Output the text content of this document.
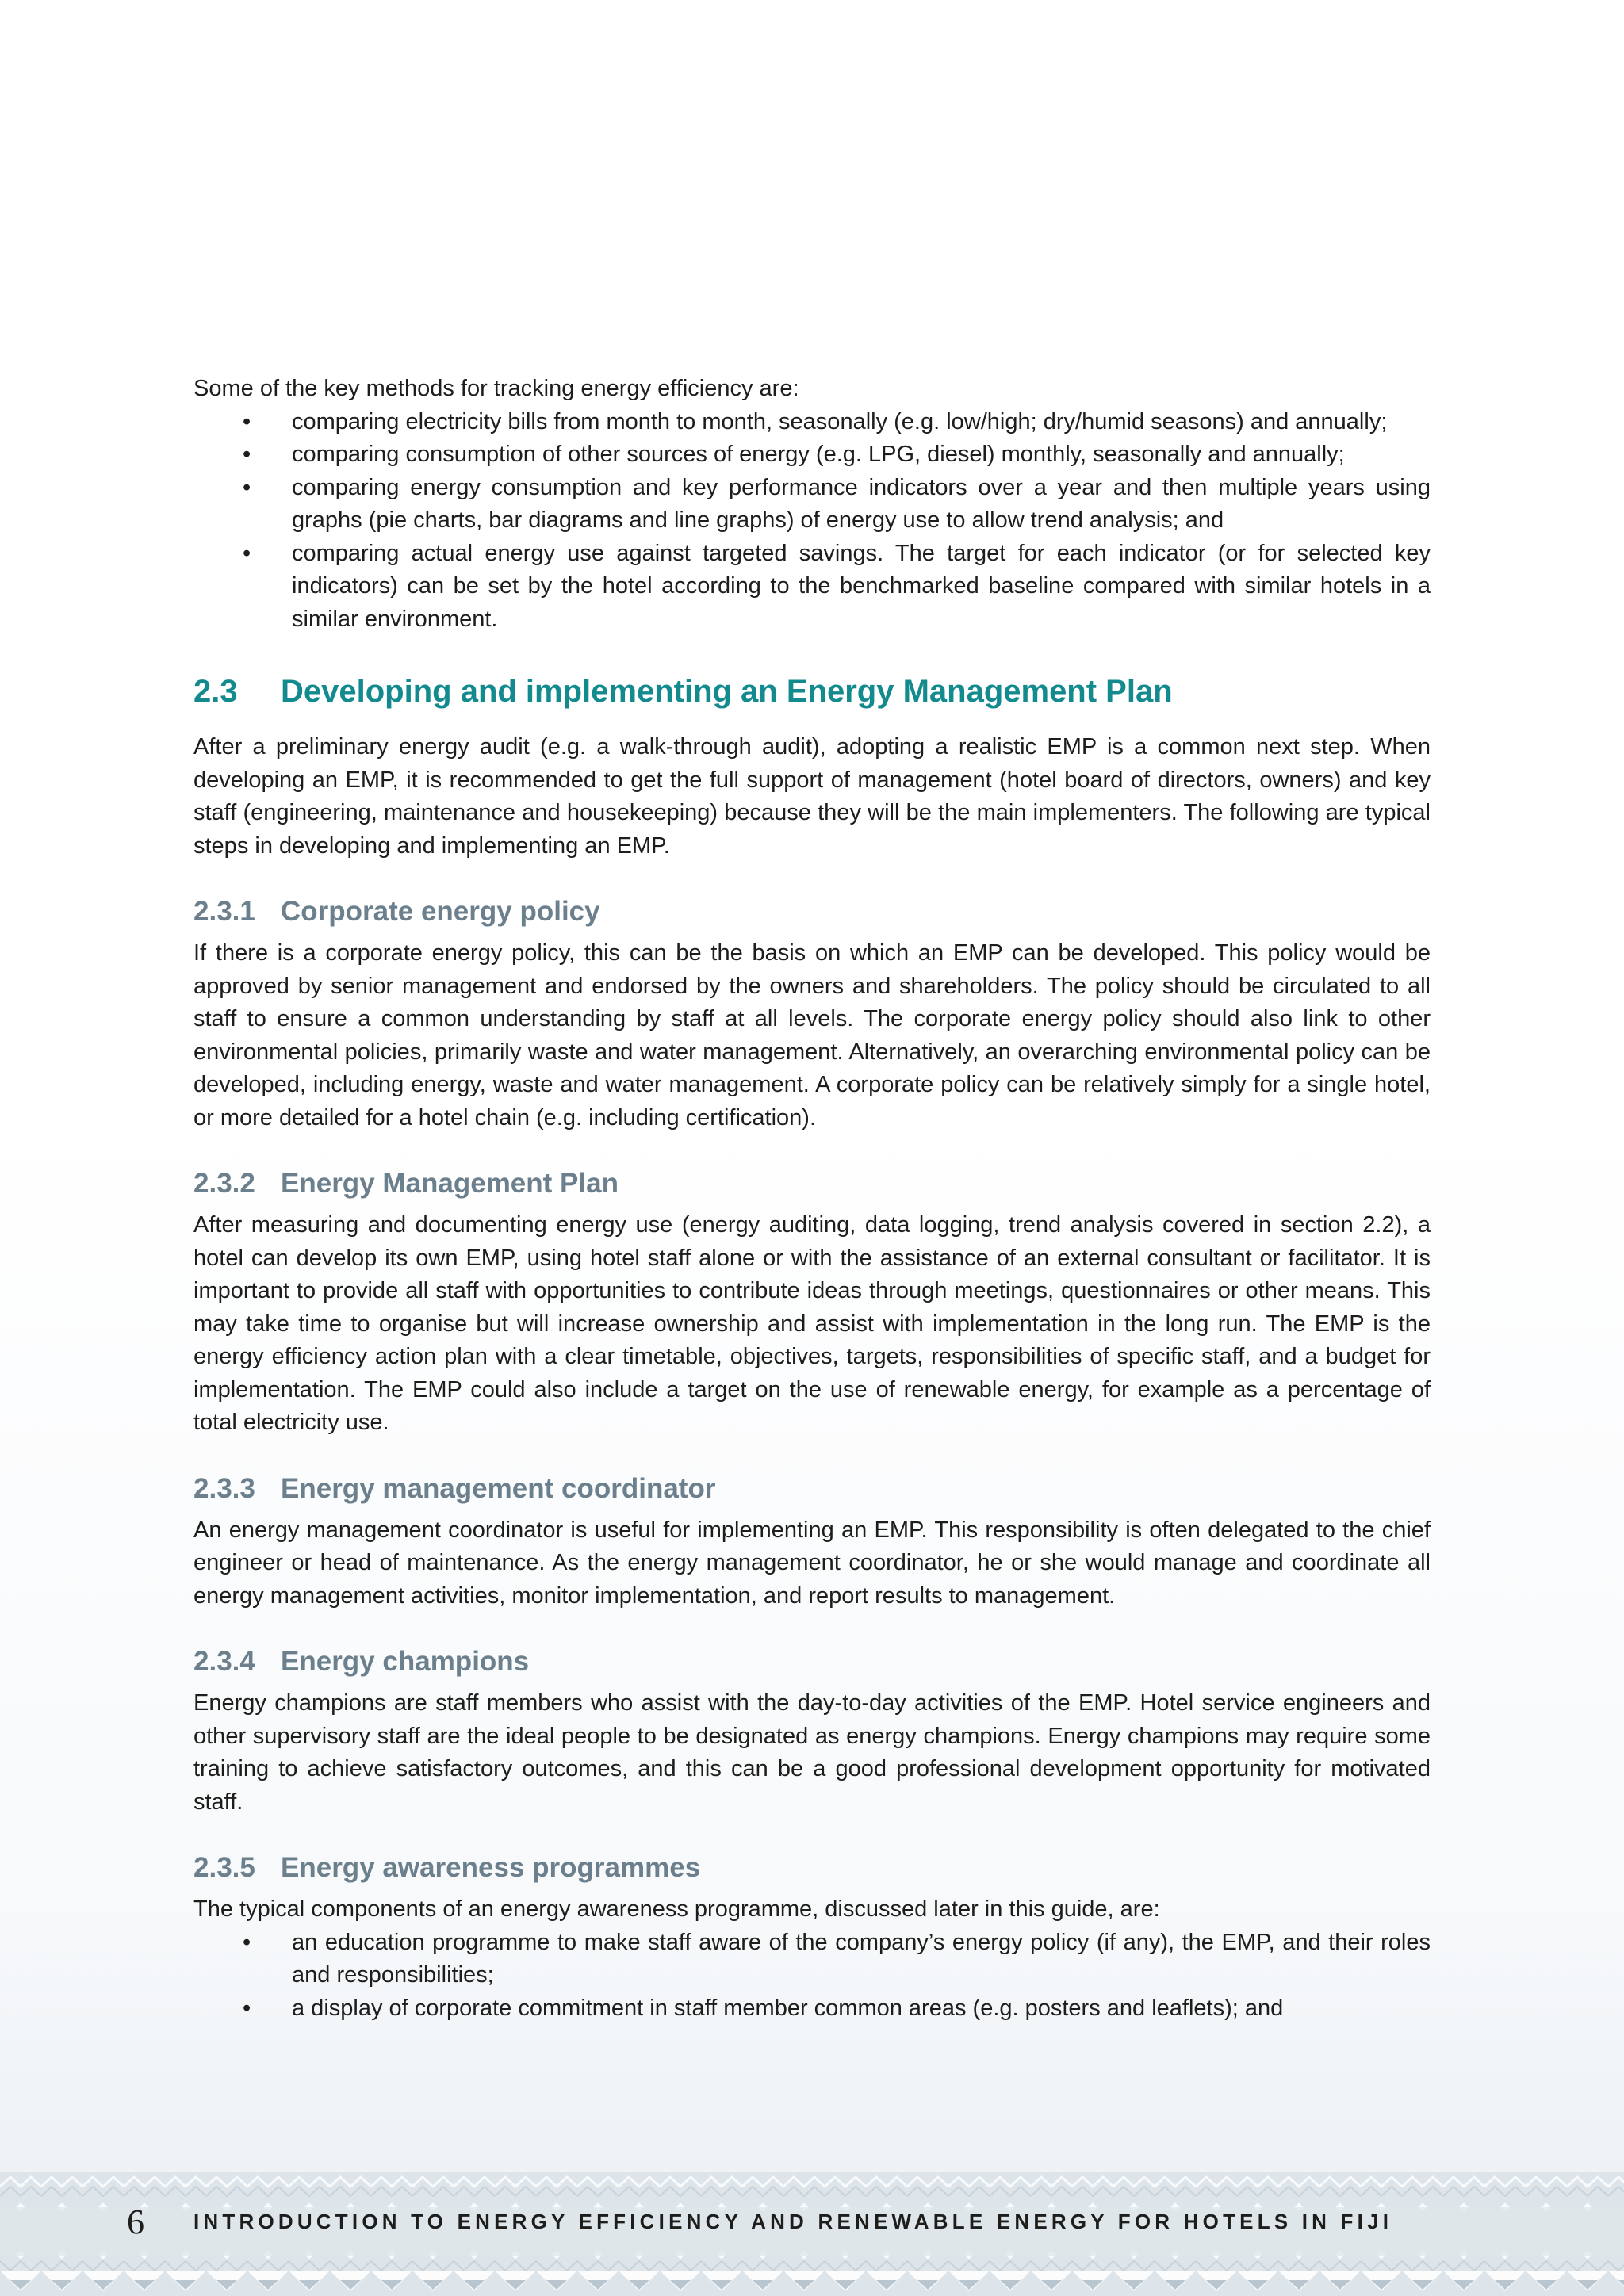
Some of the key methods for tracking energy efficiency are:

•	comparing electricity bills from month to month, seasonally (e.g. low/high; dry/humid seasons) and annually;
•	comparing consumption of other sources of energy (e.g. LPG, diesel) monthly, seasonally and annually;
•	comparing energy consumption and key performance indicators over a year and then multiple years using graphs (pie charts, bar diagrams and line graphs) of energy use to allow trend analysis; and
•	comparing actual energy use against targeted savings. The target for each indicator (or for selected key indicators) can be set by the hotel according to the benchmarked baseline compared with similar hotels in a similar environment.
2.3 Developing and implementing an Energy Management Plan

After a preliminary energy audit (e.g. a walk-through audit), adopting a realistic EMP is a common next step. When developing an EMP, it is recommended to get the full support of management (hotel board of directors, owners) and key staff (engineering, maintenance and housekeeping) because they will be the main implementers. The following are typical steps in developing and implementing an EMP.

2.3.1 Corporate energy policy

If there is a corporate energy policy, this can be the basis on which an EMP can be developed. This policy would be approved by senior management and endorsed by the owners and shareholders. The policy should be circulated to all staff to ensure a common understanding by staff at all levels. The corporate energy policy should also link to other environmental policies, primarily waste and water management. Alternatively, an overarching environmental policy can be developed, including energy, waste and water management. A corporate policy can be relatively simply for a single hotel, or more detailed for a hotel chain (e.g. including certification).

2.3.2 Energy Management Plan

After measuring and documenting energy use (energy auditing, data logging, trend analysis covered in section 2.2), a hotel can develop its own EMP, using hotel staff alone or with the assistance of an external consultant or facilitator. It is important to provide all staff with opportunities to contribute ideas through meetings, questionnaires or other means. This may take time to organise but will increase ownership and assist with implementation in the long run. The EMP is the energy efficiency action plan with a clear timetable, objectives, targets, responsibilities of specific staff, and a budget for implementation. The EMP could also include a target on the use of renewable energy, for example as a percentage of total electricity use.

2.3.3 Energy management coordinator

An energy management coordinator is useful for implementing an EMP. This responsibility is often delegated to the chief engineer or head of maintenance. As the energy management coordinator, he or she would manage and coordinate all energy management activities, monitor implementation, and report results to management.

2.3.4 Energy champions

Energy champions are staff members who assist with the day-to-day activities of the EMP. Hotel service engineers and other supervisory staff are the ideal people to be designated as energy champions. Energy champions may require some training to achieve satisfactory outcomes, and this can be a good professional development opportunity for motivated staff.

2.3.5 Energy awareness programmes

The typical components of an energy awareness programme, discussed later in this guide, are:

•	an education programme to make staff aware of the company’s energy policy (if any), the EMP, and their roles and responsibilities;
•	a display of corporate commitment in staff member common areas (e.g. posters and leaflets); and
6	INTRODUCTION TO ENERGY EFFICIENCY AND RENEWABLE ENERGY FOR HOTELS IN FIJI
